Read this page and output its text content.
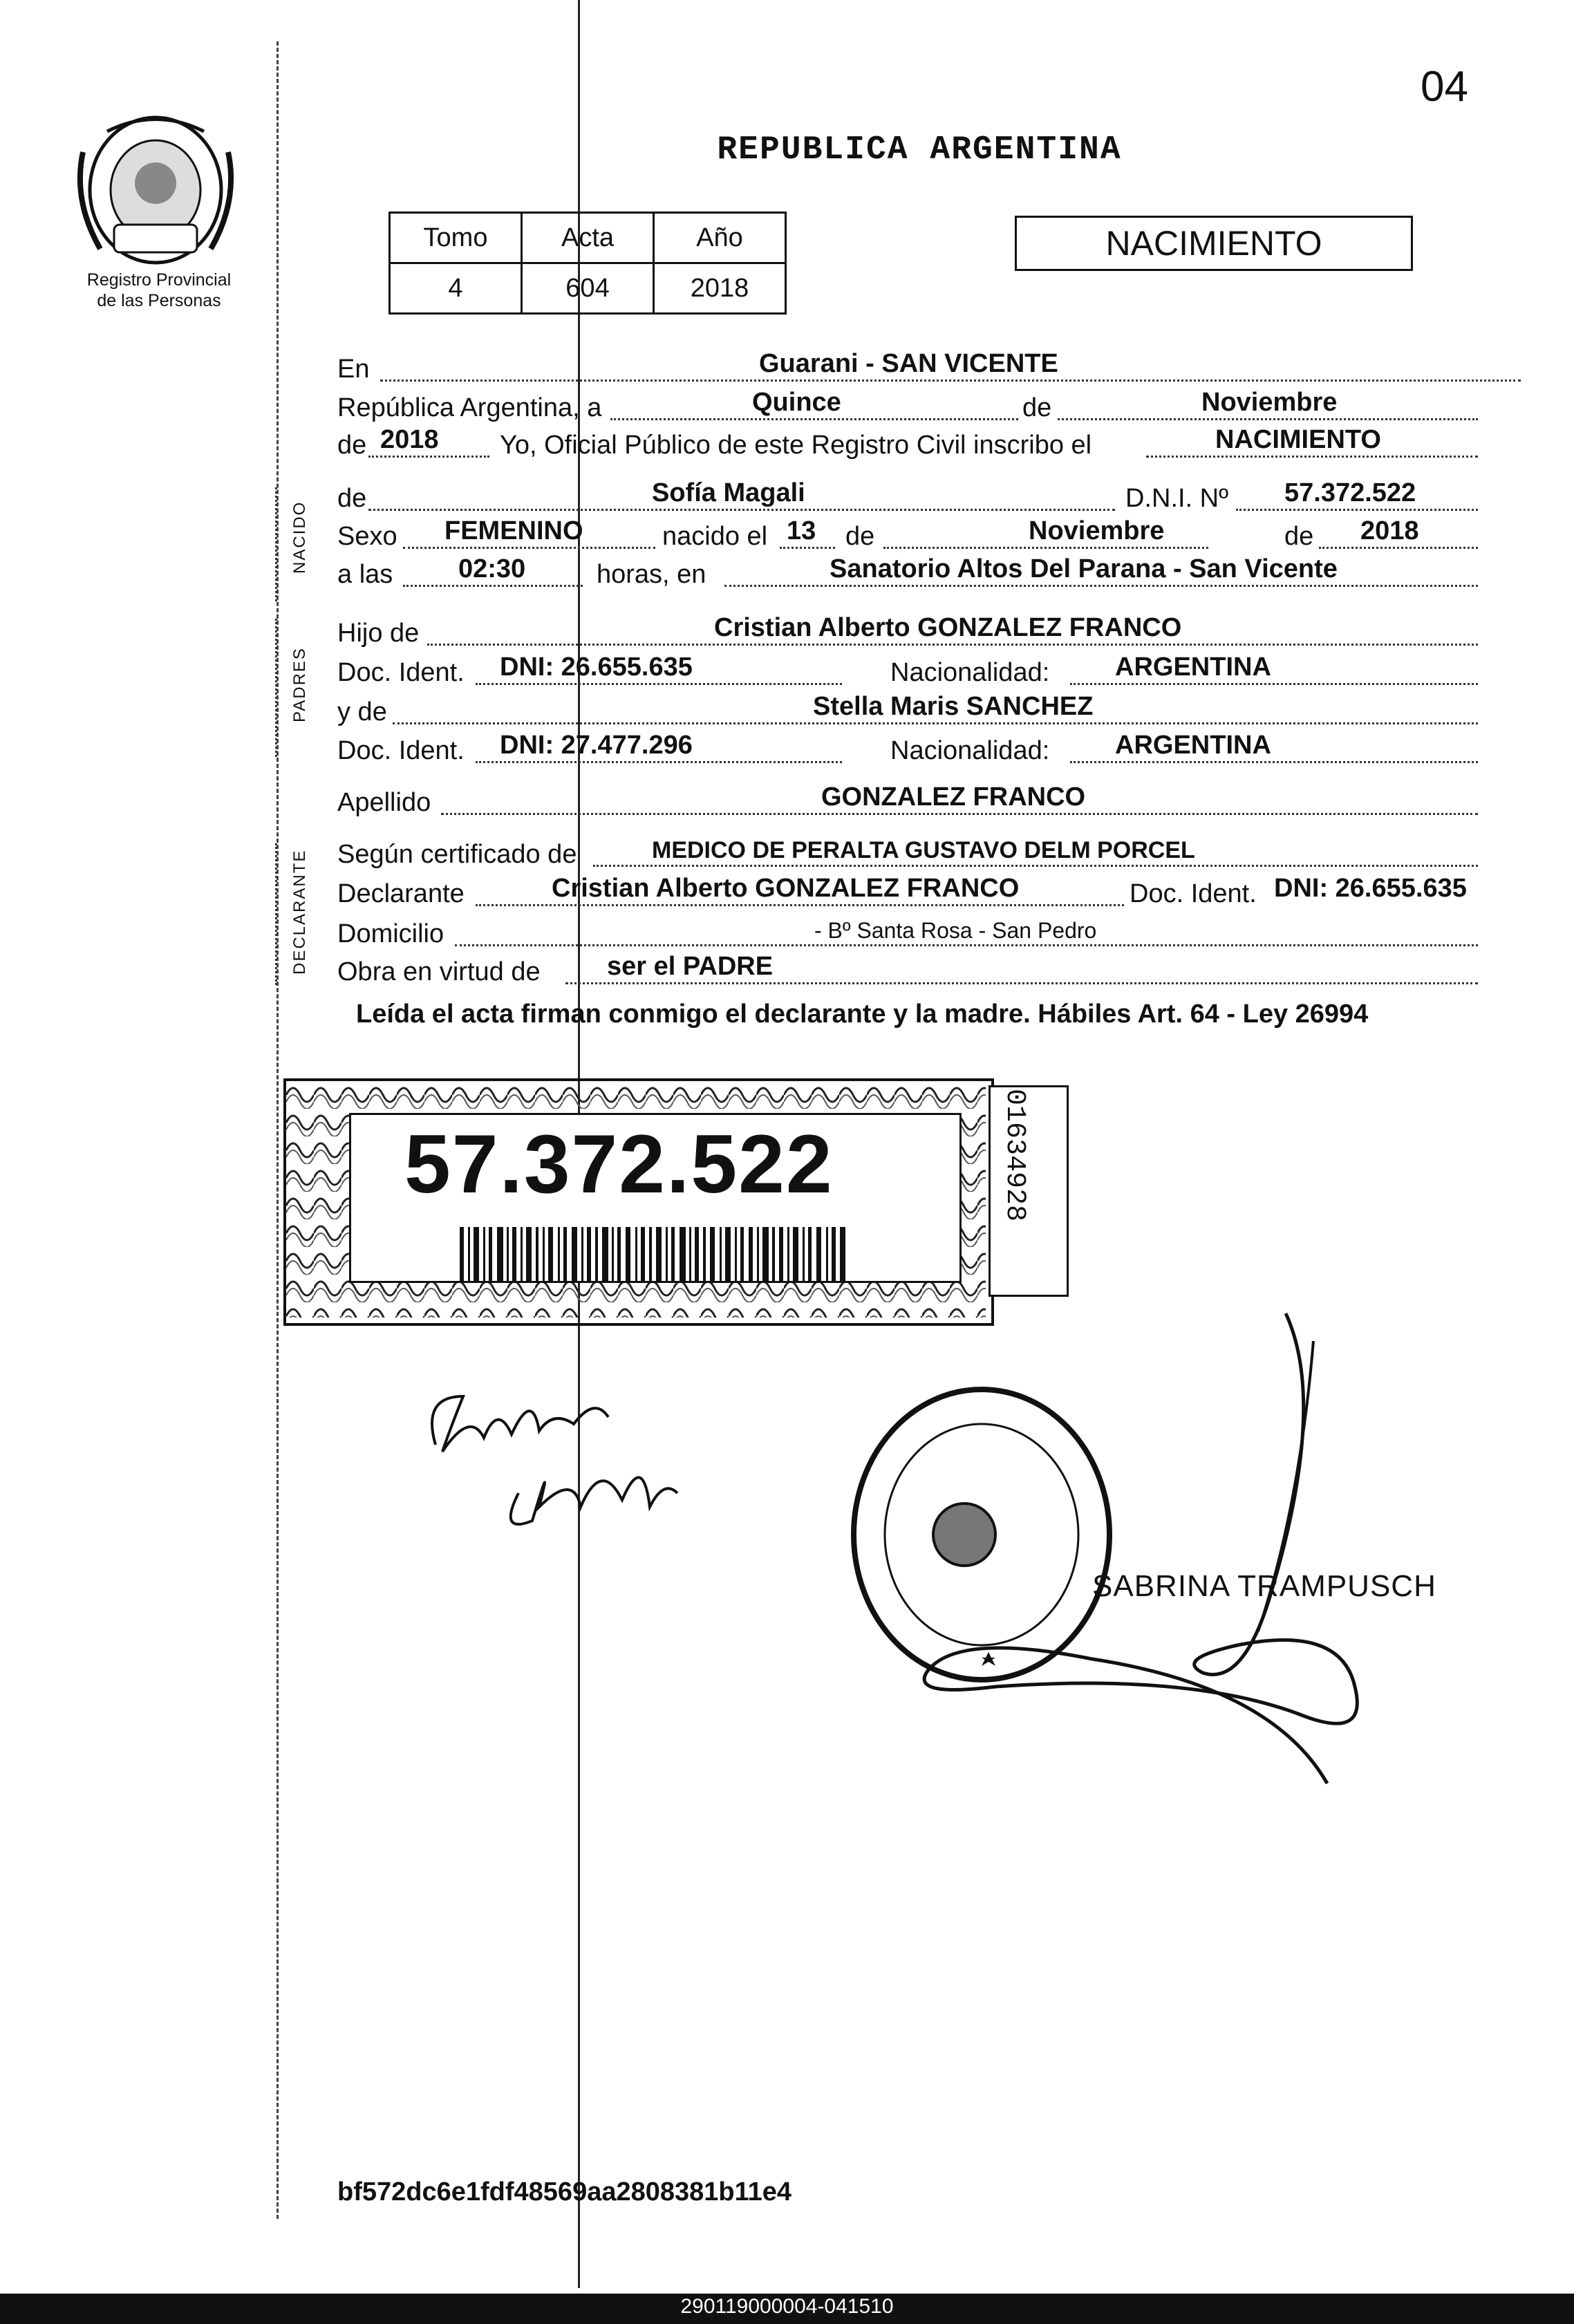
04
Registro Provincial
de las Personas
REPUBLICA ARGENTINA
Tomo	Acta	Año
4	604	2018
NACIMIENTO
En	Guarani - SAN VICENTE
República Argentina, a	Quince	de	Noviembre
de 2018 Yo, Oficial Público de este Registro Civil inscribo el	NACIMIENTO
NACIDO
de	Sofía Magali	D.N.I. Nº 57.372.522
Sexo FEMENINO	nacido el 13 de	Noviembre	de 2018
a las 02:30	horas, en	Sanatorio Altos Del Parana - San Vicente
PADRES
Hijo de	Cristian Alberto GONZALEZ FRANCO
Doc. Ident. DNI: 26.655.635	Nacionalidad: ARGENTINA
y de	Stella Maris SANCHEZ
Doc. Ident. DNI: 27.477.296	Nacionalidad: ARGENTINA
Apellido	GONZALEZ FRANCO
DECLARANTE Según certificado de	MEDICO DE PERALTA GUSTAVO DELM PORCEL
Declarante	Cristian Alberto GONZALEZ FRANCO	Doc. Ident. DNI: 26.655.635
Domicilio	- Bº Santa Rosa - San Pedro
Obra en virtud de	ser el PADRE
Leída el acta firman conmigo el declarante y la madre. Hábiles Art. 64 - Ley 26994
57.372.522	01634928
SABRINA TRAMPUSCH
bf572dc6e1fdf48569aa2808381b11e4
290119000004-041510
